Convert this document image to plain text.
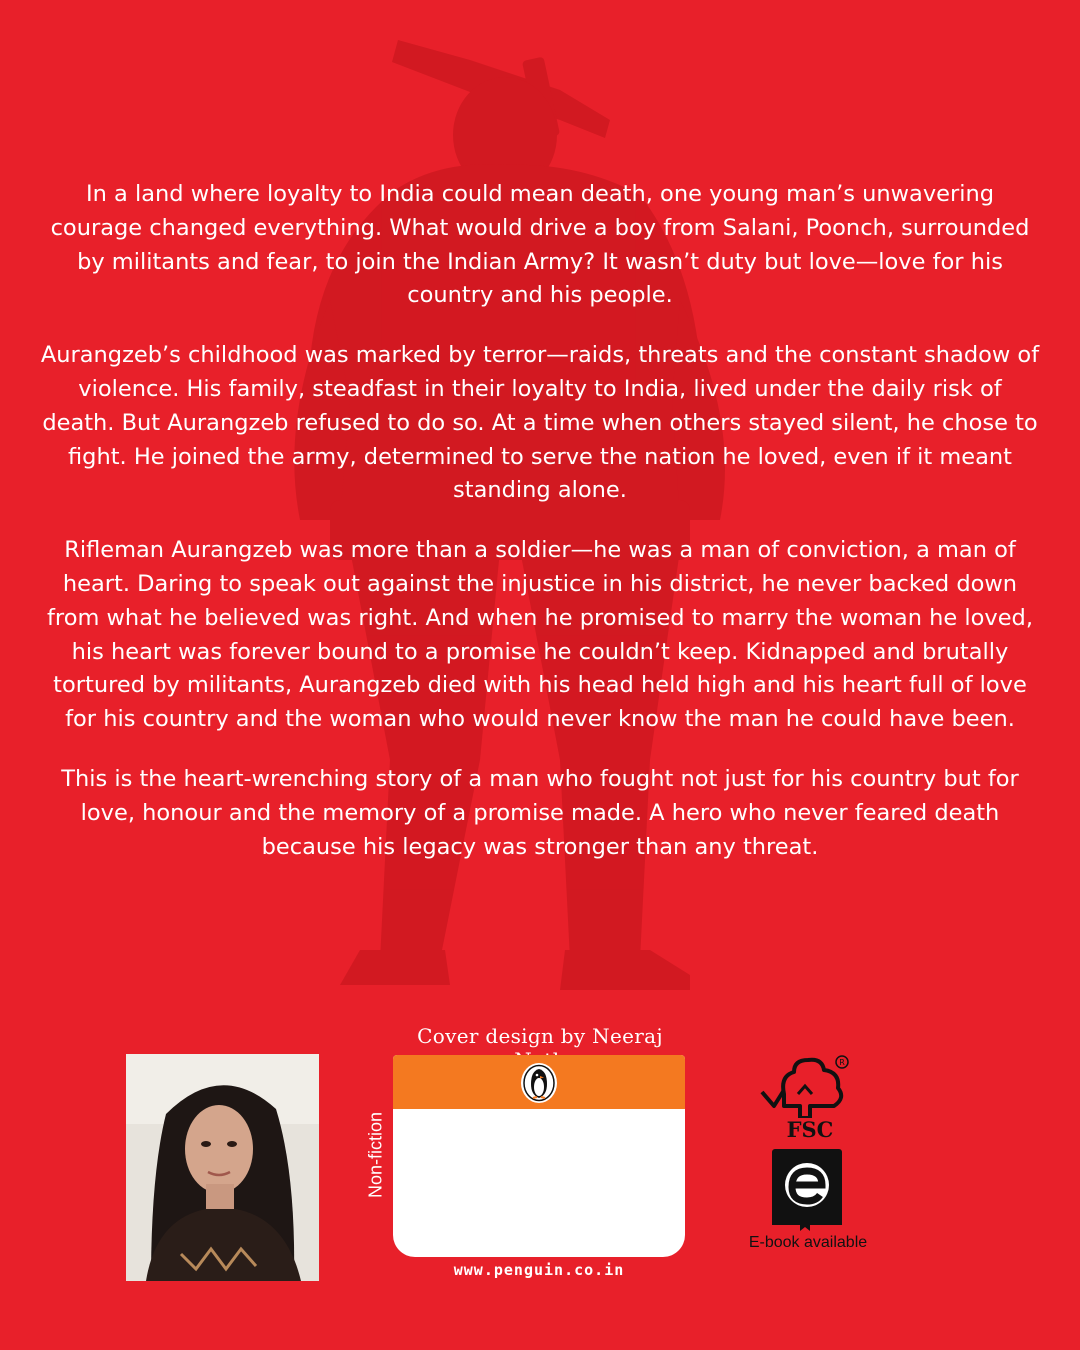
In a land where loyalty to India could mean death, one young man’s unwavering courage changed everything. What would drive a boy from Salani, Poonch, surrounded by militants and fear, to join the Indian Army? It wasn’t duty but love—love for his country and his people.

Aurangzeb’s childhood was marked by terror—raids, threats and the constant shadow of violence. His family, steadfast in their loyalty to India, lived under the daily risk of death. But Aurangzeb refused to do so. At a time when others stayed silent, he chose to fight. He joined the army, determined to serve the nation he loved, even if it meant standing alone.

Rifleman Aurangzeb was more than a soldier—he was a man of conviction, a man of heart. Daring to speak out against the injustice in his district, he never backed down from what he believed was right. And when he promised to marry the woman he loved, his heart was forever bound to a promise he couldn’t keep. Kidnapped and brutally tortured by militants, Aurangzeb died with his head held high and his heart full of love for his country and the woman who would never know the man he could have been.

This is the heart-wrenching story of a man who fought not just for his country but for love, honour and the memory of a promise made. A hero who never feared death because his legacy was stronger than any threat.

Cover design by Neeraj
Non-fiction
www.penguin.co.in
R
FSC
E-book available
